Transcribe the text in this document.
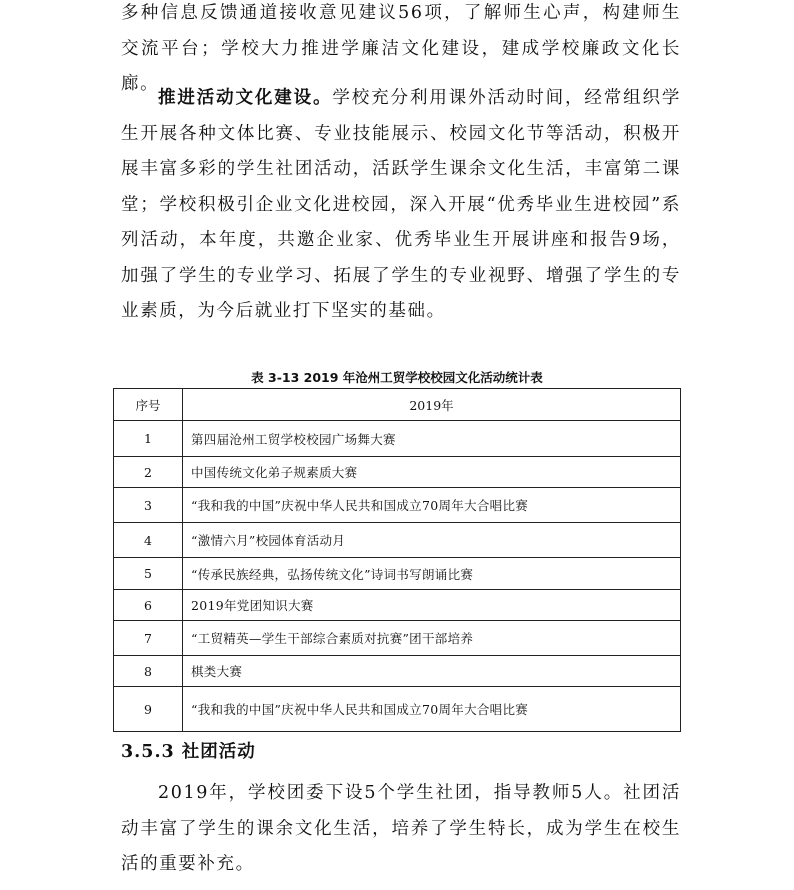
多种信息反馈通道接收意见建议56项，了解师生心声，构建师生交流平台；学校大力推进学廉洁文化建设，建成学校廉政文化长廊。
推进活动文化建设。学校充分利用课外活动时间，经常组织学生开展各种文体比赛、专业技能展示、校园文化节等活动，积极开展丰富多彩的学生社团活动，活跃学生课余文化生活，丰富第二课堂；学校积极引企业文化进校园，深入开展“优秀毕业生进校园”系列活动，本年度，共邀企业家、优秀毕业生开展讲座和报告9场，加强了学生的专业学习、拓展了学生的专业视野、增强了学生的专业素质，为今后就业打下坚实的基础。
表 3-13 2019 年沧州工贸学校校园文化活动统计表
序号	2019年
1	第四届沧州工贸学校校园广场舞大赛
2	中国传统文化弟子规素质大赛
3	“我和我的中国”庆祝中华人民共和国成立70周年大合唱比赛
4	“激情六月”校园体育活动月
5	“传承民族经典，弘扬传统文化”诗词书写朗诵比赛
6	2019年党团知识大赛
7	“工贸精英—学生干部综合素质对抗赛”团干部培养
8	棋类大赛
9	“我和我的中国”庆祝中华人民共和国成立70周年大合唱比赛
3.5.3 社团活动
2019年，学校团委下设5个学生社团，指导教师5人。社团活动丰富了学生的课余文化生活，培养了学生特长，成为学生在校生活的重要补充。
